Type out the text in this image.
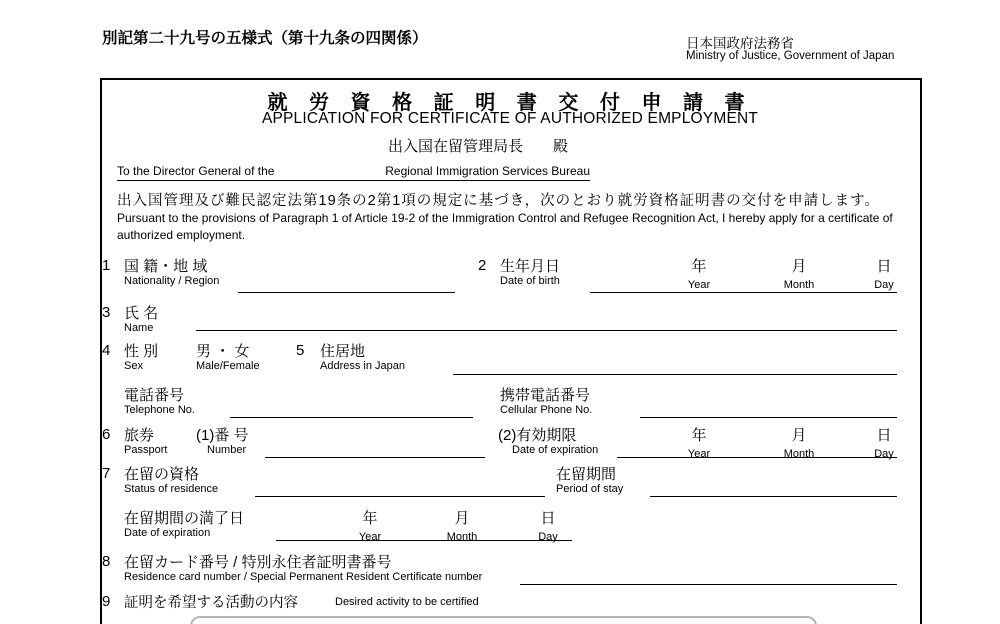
別記第二十九号の五様式（第十九条の四関係）	日本国政府法務省
Ministry of Justice, Government of Japan
就 労 資 格 証 明 書 交 付 申 請 書
APPLICATION FOR CERTIFICATE OF AUTHORIZED EMPLOYMENT
出入国在留管理局長　　殿
To the Director General of the	Regional Immigration Services Bureau
出入国管理及び難民認定法第19条の2第1項の規定に基づき，次のとおり就労資格証明書の交付を申請します。
Pursuant to the provisions of Paragraph 1 of Article 19-2 of the Immigration Control and Refugee Recognition Act, I hereby apply for a certificate of authorized employment.
1 国 籍・地 域
Nationality / Region
2 生年月日
Date of birth
年
Year
月
Month
日
Day
3 氏 名
Name
4 性 別
Sex
男 ・ 女
Male/Female
5 住居地
Address in Japan
電話番号
Telephone No.
携帯電話番号
Cellular Phone No.
6 旅券
Passport
(1)番 号
Number
(2)有効期限
Date of expiration
年
Year
月
Month
日
Day
7 在留の資格
Status of residence
在留期間
Period of stay
在留期間の満了日
Date of expiration
年
Year
月
Month
日
Day
8 在留カード番号 / 特別永住者証明書番号
Residence card number / Special Permanent Resident Certificate number
9 証明を希望する活動の内容	Desired activity to be certified
